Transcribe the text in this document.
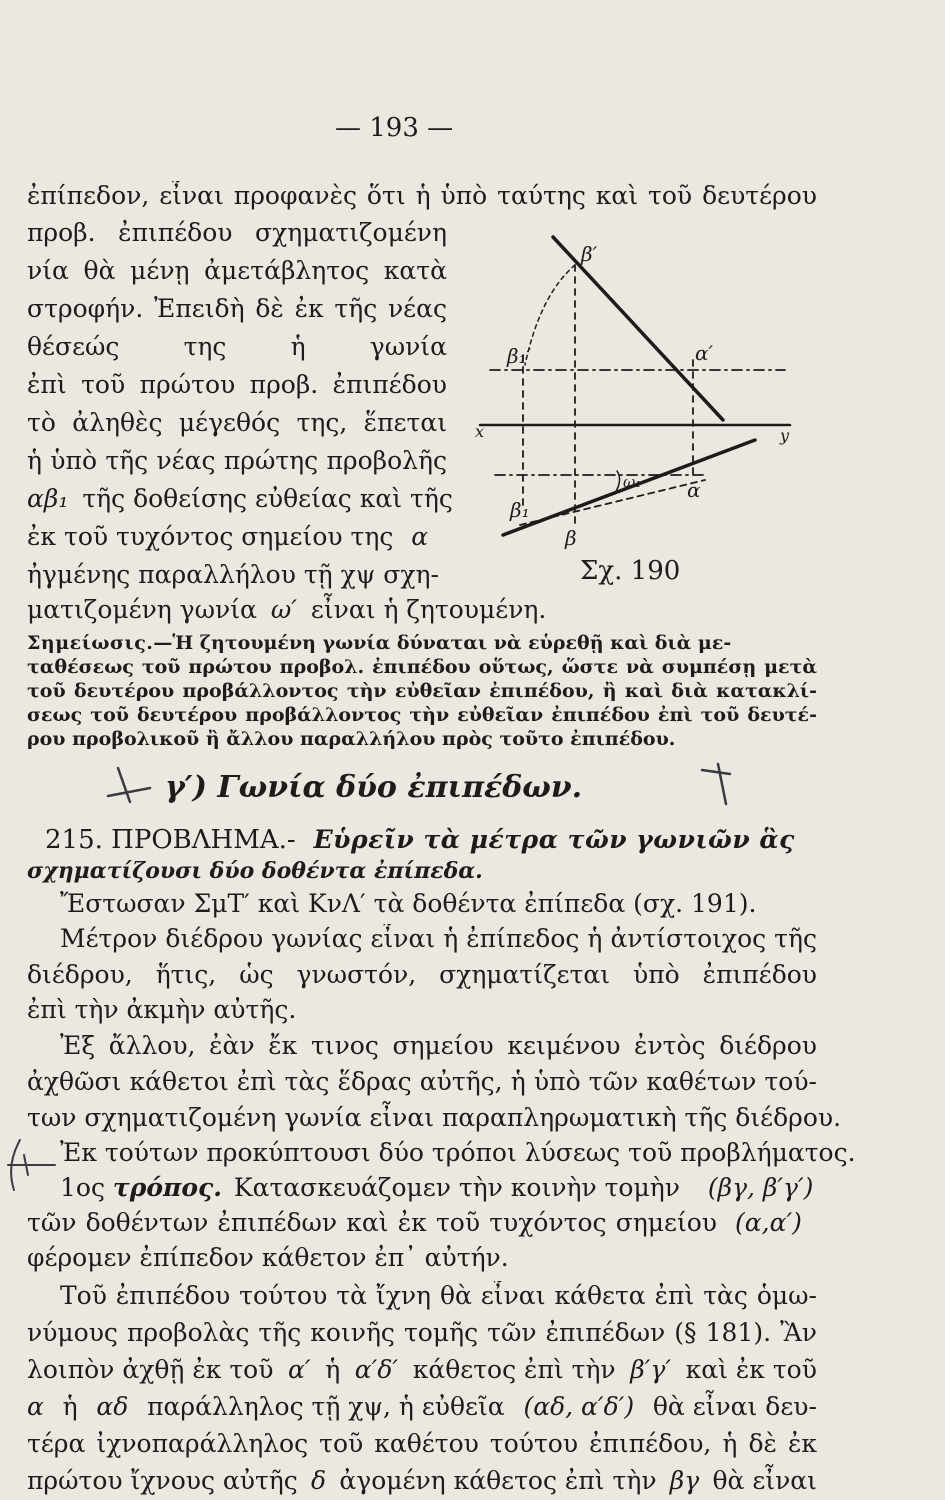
— 193 —
ἐπίπεδον, εἶναι προφανὲς ὅτι ἡ ὑπὸ ταύτης καὶ τοῦ δευτέρου
προβ. ἐπιπέδου σχηματιζομένη
νία θὰ μένῃ ἀμετάβλητος κατὰ
στροφήν. Ἐπειδὴ δὲ ἐκ τῆς νέας
θέσεώς της ἡ γωνία
ἐπὶ τοῦ πρώτου προβ. ἐπιπέδου
τὸ ἀληθὲς μέγεθός της, ἕπεται
ἡ ὑπὸ τῆς νέας πρώτης προβολῆς
αβ₁ τῆς δοθείσης εὐθείας καὶ τῆς
ἐκ τοῦ τυχόντος σημείου της α
ἠγμένης παραλλήλου τῇ χψ σχη-
ματιζομένη γωνία ω′ εἶναι ἡ ζητουμένη.
β′
α′
β₁′
x	y
ω₁ α
β₁
β
Σχ. 190
Σημείωσις.—Ἡ ζητουμένη γωνία δύναται νὰ εὑρεθῇ καὶ διὰ με-
ταθέσεως τοῦ πρώτου προβολ. ἐπιπέδου οὕτως, ὥστε νὰ συμπέσῃ μετὰ
τοῦ δευτέρου προβάλλοντος τὴν εὐθεῖαν ἐπιπέδου, ἢ καὶ διὰ κατακλί-
σεως τοῦ δευτέρου προβάλλοντος τὴν εὐθεῖαν ἐπιπέδου ἐπὶ τοῦ δευτέ-
ρου προβολικοῦ ἢ ἄλλου παραλλήλου πρὸς τοῦτο ἐπιπέδου.
γ′) Γωνία δύο ἐπιπέδων.
215. ΠΡΟΒΛΗΜΑ.- Εὑρεῖν τὰ μέτρα τῶν γωνιῶν ἃς
σχηματίζουσι δύο δοθέντα ἐπίπεδα.
Ἔστωσαν ΣμΤ′ καὶ ΚνΛ′ τὰ δοθέντα ἐπίπεδα (σχ. 191).
Μέτρον διέδρου γωνίας εἶναι ἡ ἐπίπεδος ἡ ἀντίστοιχος τῆς
διέδρου, ἥτις, ὡς γνωστόν, σχηματίζεται ὑπὸ ἐπιπέδου
ἐπὶ τὴν ἀκμὴν αὐτῆς.
Ἐξ ἄλλου, ἐὰν ἔκ τινος σημείου κειμένου ἐντὸς διέδρου
ἀχθῶσι κάθετοι ἐπὶ τὰς ἕδρας αὐτῆς, ἡ ὑπὸ τῶν καθέτων τού-
των σχηματιζομένη γωνία εἶναι παραπληρωματικὴ τῆς διέδρου.
Ἐκ τούτων προκύπτουσι δύο τρόποι λύσεως τοῦ προβλήματος.
1ος τρόπος. Κατασκευάζομεν τὴν κοινὴν τομὴν (βγ, β′γ′)
τῶν δοθέντων ἐπιπέδων καὶ ἐκ τοῦ τυχόντος σημείου (α,α′)
φέρομεν ἐπίπεδον κάθετον ἐπ᾿ αὐτήν.
Τοῦ ἐπιπέδου τούτου τὰ ἴχνη θὰ εἶναι κάθετα ἐπὶ τὰς ὁμω-
νύμους προβολὰς τῆς κοινῆς τομῆς τῶν ἐπιπέδων (§ 181). Ἂν
λοιπὸν ἀχθῇ ἐκ τοῦ α′ ἡ α′δ′ κάθετος ἐπὶ τὴν β′γ′ καὶ ἐκ τοῦ
α ἡ αδ παράλληλος τῇ χψ, ἡ εὐθεῖα (αδ, α′δ′) θὰ εἶναι δευ-
τέρα ἰχνοπαράλληλος τοῦ καθέτου τούτου ἐπιπέδου, ἡ δὲ ἐκ
πρώτου ἴχνους αὐτῆς δ ἀγομένη κάθετος ἐπὶ τὴν βγ θὰ εἶναι
